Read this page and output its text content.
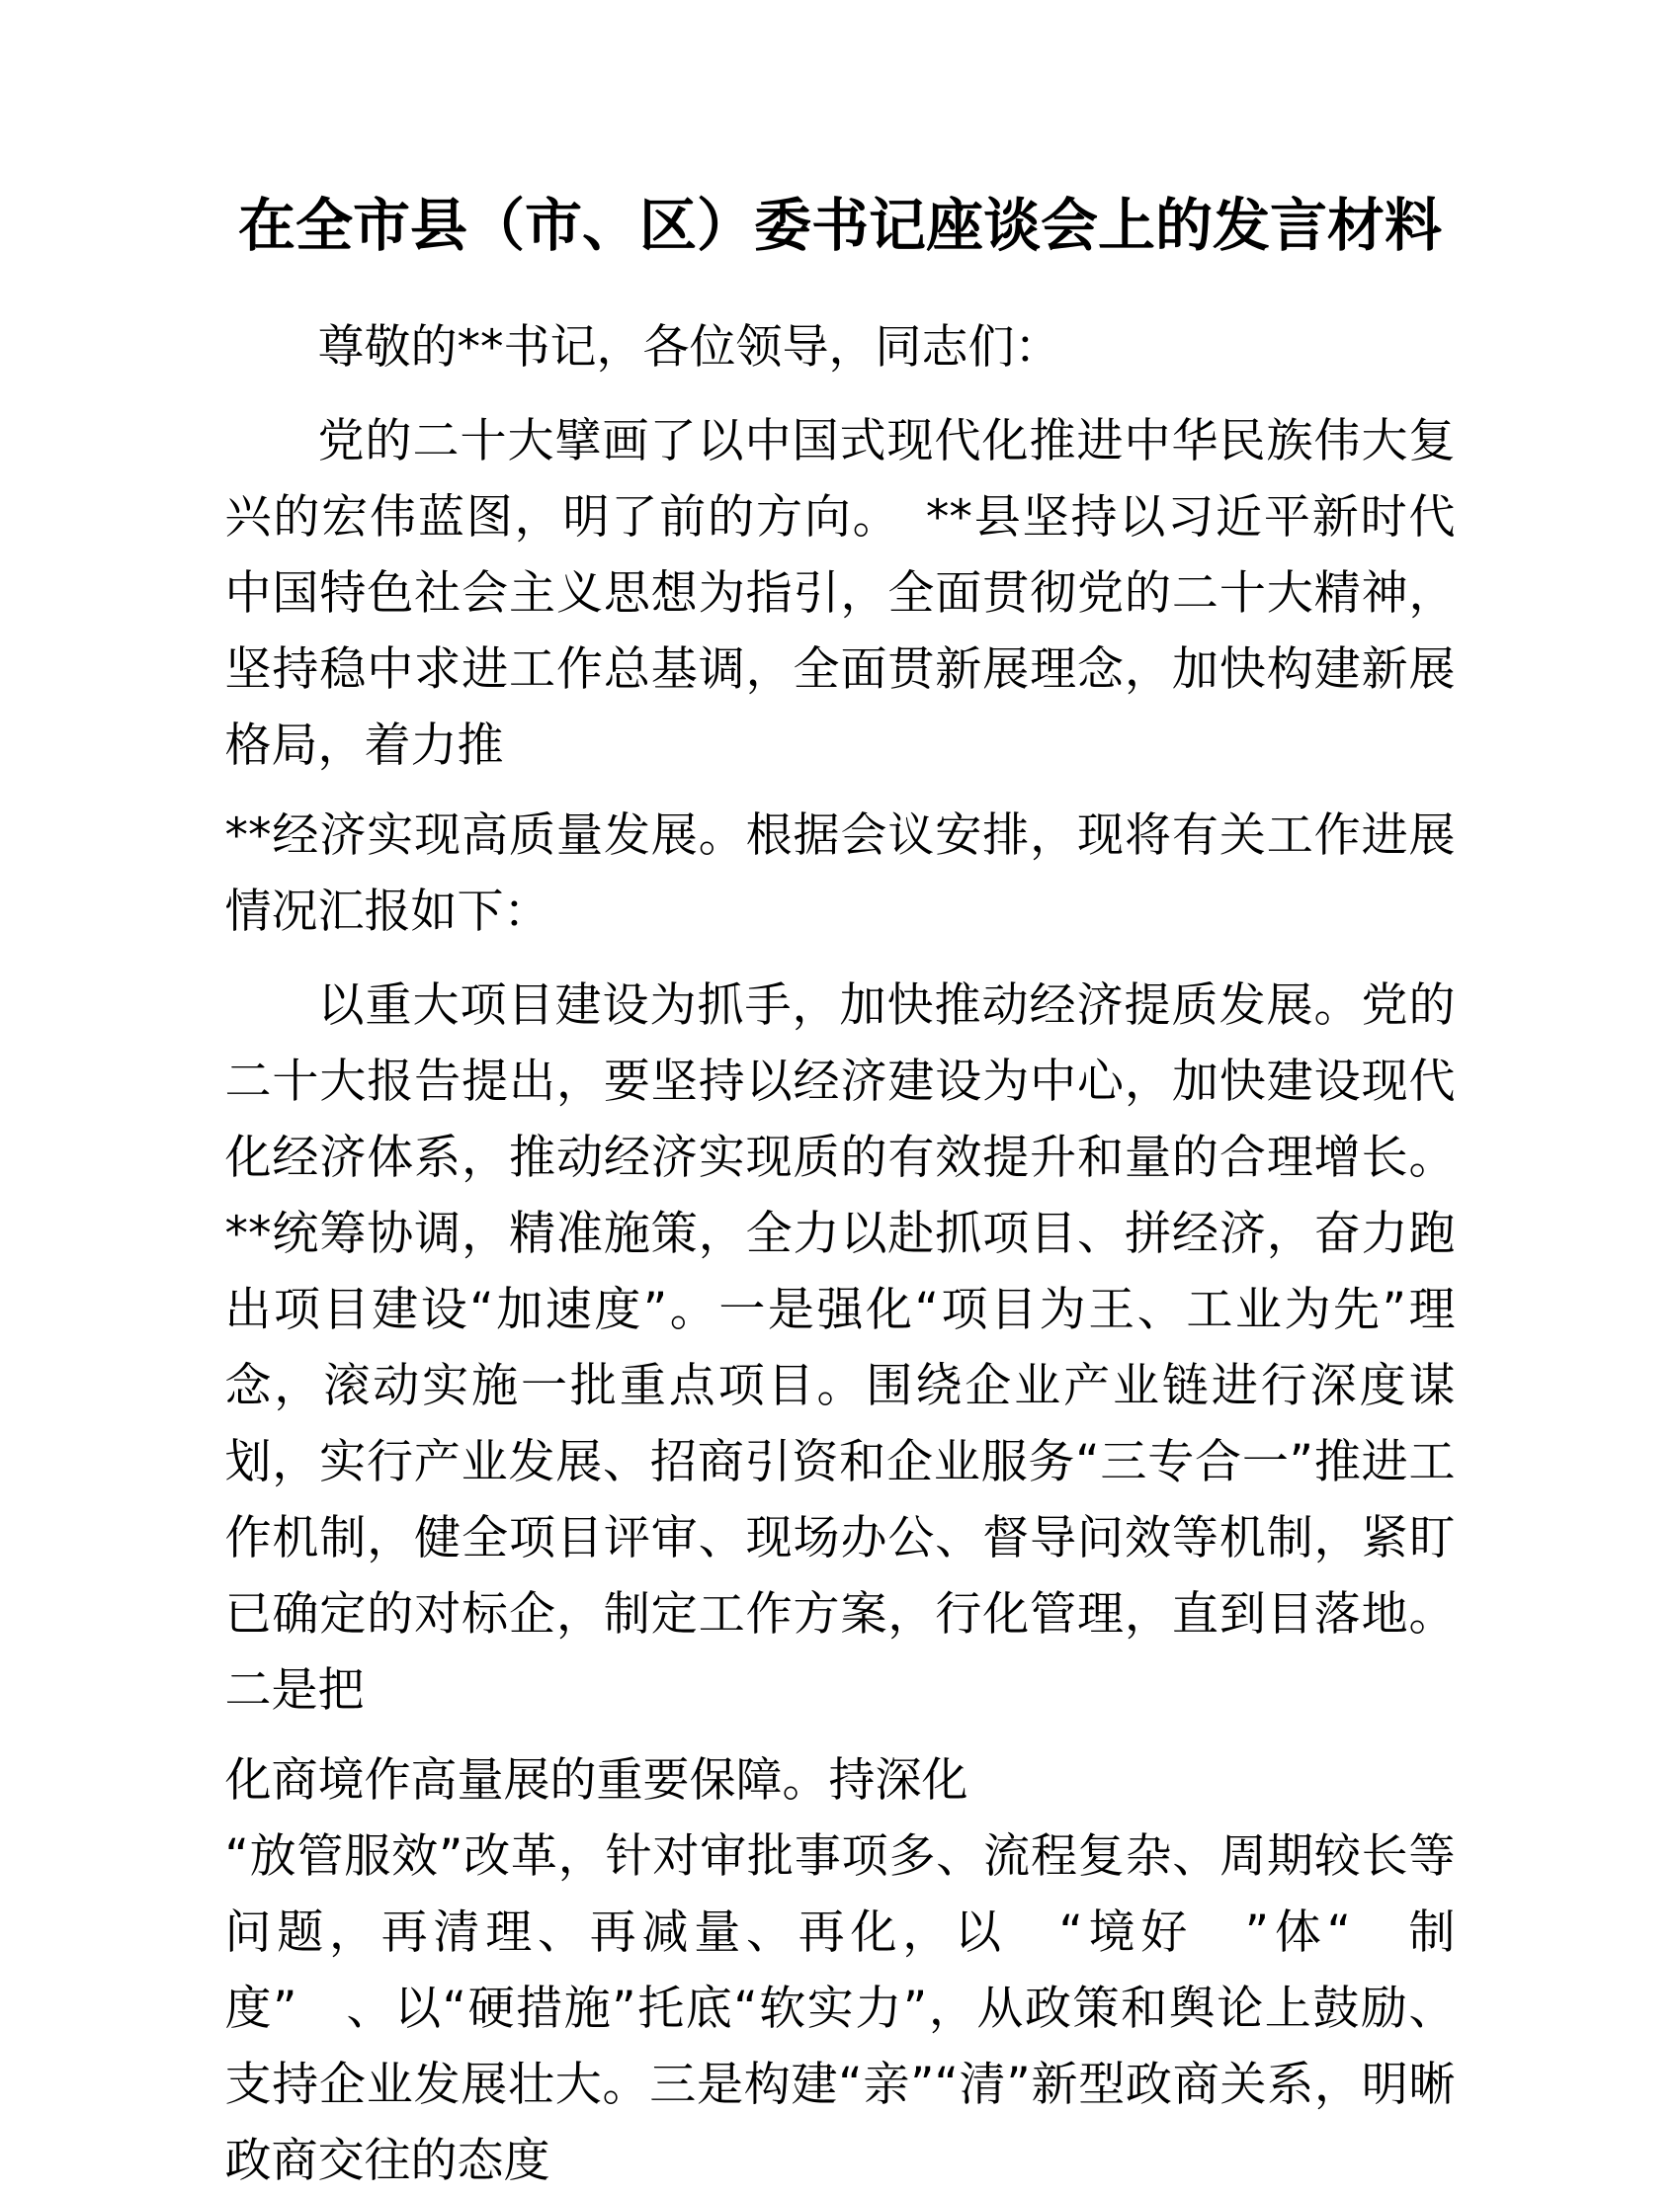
在全市县（市、区）委书记座谈会上的发言材料

尊敬的**书记，各位领导，同志们：

党的二十大擘画了以中国式现代化推进中华民族伟大复兴的宏伟蓝图，明了前的方向。　**县坚持以习近平新时代中国特色社会主义思想为指引，全面贯彻党的二十大精神，坚持稳中求进工作总基调，全面贯新展理念，加快构建新展格局，着力推

**经济实现高质量发展。根据会议安排，现将有关工作进展情况汇报如下：

以重大项目建设为抓手，加快推动经济提质发展。党的二十大报告提出，要坚持以经济建设为中心，加快建设现代化经济体系，推动经济实现质的有效提升和量的合理增长。**统筹协调，精准施策，全力以赴抓项目、拼经济，奋力跑出项目建设“加速度”。一是强化“项目为王、工业为先”理念，滚动实施一批重点项目。围绕企业产业链进行深度谋划，实行产业发展、招商引资和企业服务“三专合一”推进工作机制，健全项目评审、现场办公、督导问效等机制，紧盯已确定的对标企，制定工作方案，行化管理，直到目落地。二是把

化商境作高量展的重要保障。持深化

“放管服效”改革，针对审批事项多、流程复杂、周期较长等问题，再清理、再减量、再化，以　“境好　”体“　制度”　、以“硬措施”托底“软实力”，从政策和舆论上鼓励、支持企业发展壮大。三是构建“亲”“清”新型政商关系，明晰政商交往的态度
